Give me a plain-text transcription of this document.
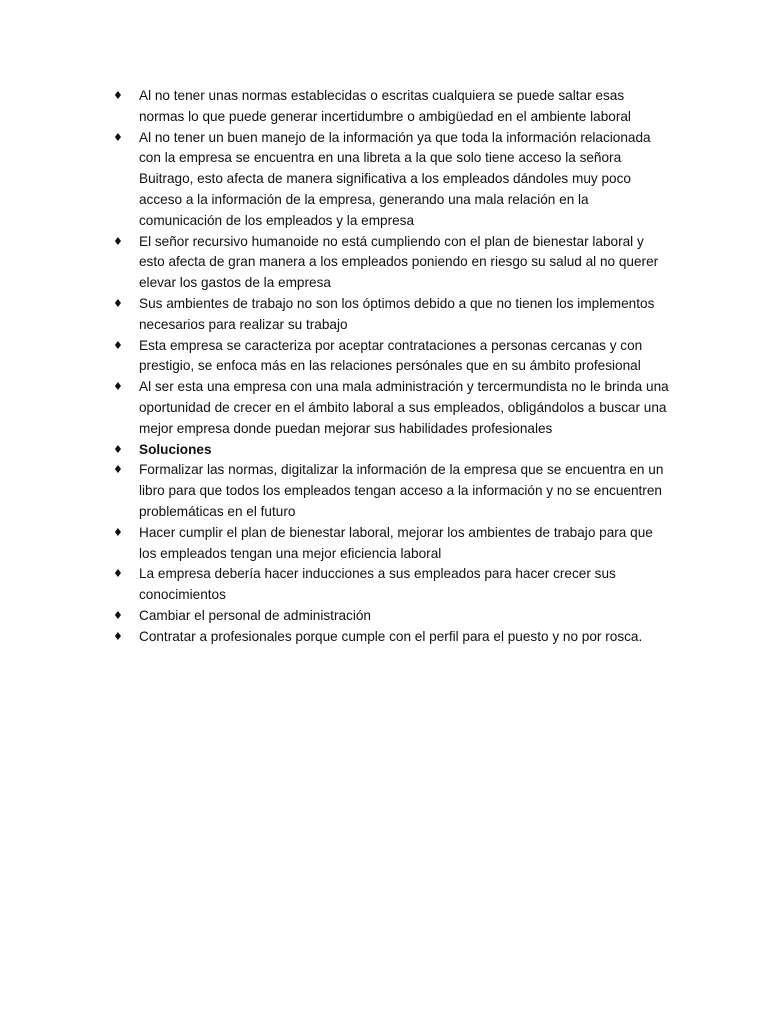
♦ Al no tener unas normas establecidas o escritas cualquiera se puede saltar esas normas lo que puede generar incertidumbre o ambigüedad en el ambiente laboral
♦ Al no tener un buen manejo de la información ya que toda la información relacionada con la empresa se encuentra en una libreta a la que solo tiene acceso la señora Buitrago, esto afecta de manera significativa a los empleados dándoles muy poco acceso a la información de la empresa, generando una mala relación en la comunicación de los empleados y la empresa
♦ El señor recursivo humanoide no está cumpliendo con el plan de bienestar laboral y esto afecta de gran manera a los empleados poniendo en riesgo su salud al no querer elevar los gastos de la empresa
♦ Sus ambientes de trabajo no son los óptimos debido a que no tienen los implementos necesarios para realizar su trabajo
♦ Esta empresa se caracteriza por aceptar contrataciones a personas cercanas y con prestigio, se enfoca más en las relaciones persónales que en su ámbito profesional
♦ Al ser esta una empresa con una mala administración y tercermundista no le brinda una oportunidad de crecer en el ámbito laboral a sus empleados, obligándolos a buscar una mejor empresa donde puedan mejorar sus habilidades profesionales
♦ Soluciones
♦ Formalizar las normas, digitalizar la información de la empresa que se encuentra en un libro para que todos los empleados tengan acceso a la información y no se encuentren problemáticas en el futuro
♦ Hacer cumplir el plan de bienestar laboral, mejorar los ambientes de trabajo para que los empleados tengan una mejor eficiencia laboral
♦ La empresa debería hacer inducciones a sus empleados para hacer crecer sus conocimientos
♦ Cambiar el personal de administración
♦ Contratar a profesionales porque cumple con el perfil para el puesto y no por rosca.
